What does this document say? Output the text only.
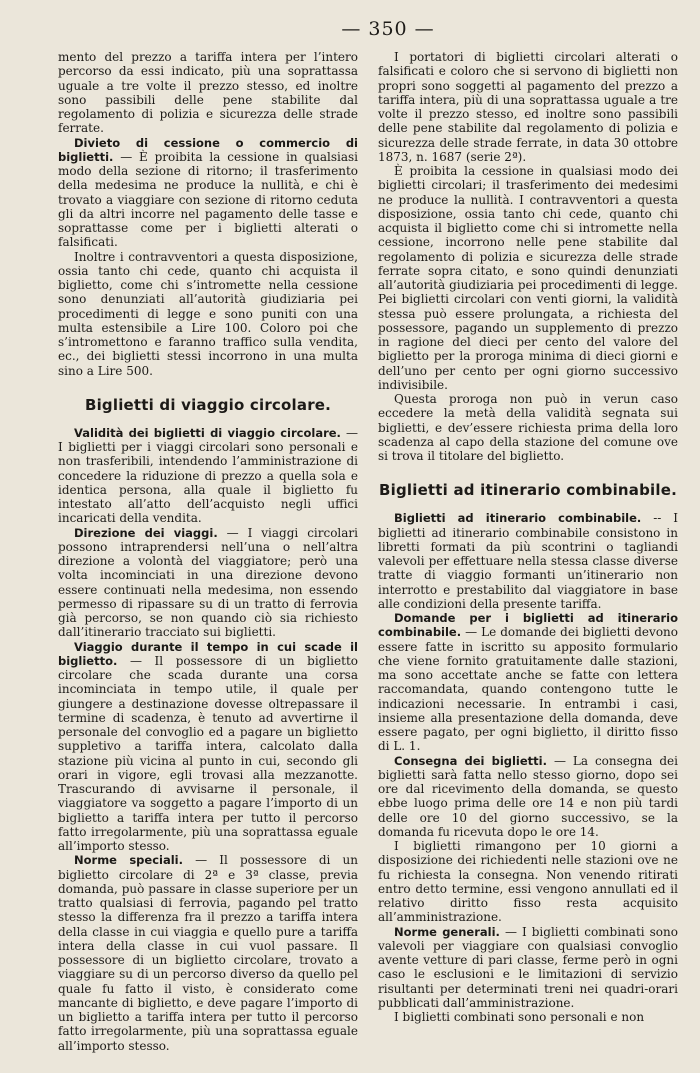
— 350 —

mento del prezzo a tariffa intera per l’intero percorso da essi indicato, più una soprattassa uguale a tre volte il prezzo stesso, ed inoltre sono passibili delle pene stabilite dal regolamento di polizia e sicurezza delle strade ferrate.

Divieto di cessione o commercio di biglietti. — È proibita la cessione in qualsiasi modo della sezione di ritorno; il trasferimento della medesima ne produce la nullità, e chi è trovato a viaggiare con sezione di ritorno ceduta gli da altri incorre nel pagamento delle tasse e soprattasse come per i biglietti alterati o falsificati.

Inoltre i contravventori a questa disposizione, ossia tanto chi cede, quanto chi acquista il biglietto, come chi s’intromette nella cessione sono denunziati all’autorità giudiziaria pei procedimenti di legge e sono puniti con una multa estensibile a Lire 100. Coloro poi che s’intromettono e faranno traffico sulla vendita, ec., dei biglietti stessi incorrono in una multa sino a Lire 500.

Biglietti di viaggio circolare.

Validità dei biglietti di viaggio circolare. — I biglietti per i viaggi circolari sono personali e non trasferibili, intendendo l’amministrazione di concedere la riduzione di prezzo a quella sola e identica persona, alla quale il biglietto fu intestato all’atto dell’acquisto negli uffici incaricati della vendita.

Direzione dei viaggi. — I viaggi circolari possono intraprendersi nell’una o nell’altra direzione a volontà del viaggiatore; però una volta incominciati in una direzione devono essere continuati nella medesima, non essendo permesso di ripassare su di un tratto di ferrovia già percorso, se non quando ciò sia richiesto dall’itinerario tracciato sui biglietti.

Viaggio durante il tempo in cui scade il biglietto. — Il possessore di un biglietto circolare che scada durante una corsa incominciata in tempo utile, il quale per giungere a destinazione dovesse oltrepassare il termine di scadenza, è tenuto ad avvertirne il personale del convoglio ed a pagare un biglietto suppletivo a tariffa intera, calcolato dalla stazione più vicina al punto in cui, secondo gli orari in vigore, egli trovasi alla mezzanotte. Trascurando di avvisarne il personale, il viaggiatore va soggetto a pagare l’importo di un biglietto a tariffa intera per tutto il percorso fatto irregolarmente, più una soprattassa eguale all’importo stesso.

Norme speciali. — Il possessore di un biglietto circolare di 2ª e 3ª classe, previa domanda, può passare in classe superiore per un tratto qualsiasi di ferrovia, pagando pel tratto stesso la differenza fra il prezzo a tariffa intera della classe in cui viaggia e quello pure a tariffa intera della classe in cui vuol passare. Il possessore di un biglietto circolare, trovato a viaggiare su di un percorso diverso da quello pel quale fu fatto il visto, è considerato come mancante di biglietto, e deve pagare l’importo di un biglietto a tariffa intera per tutto il percorso fatto irregolarmente, più una soprattassa eguale all’importo stesso.

I portatori di biglietti circolari alterati o falsificati e coloro che si servono di biglietti non propri sono soggetti al pagamento del prezzo a tariffa intera, più di una soprattassa uguale a tre volte il prezzo stesso, ed inoltre sono passibili delle pene stabilite dal regolamento di polizia e sicurezza delle strade ferrate, in data 30 ottobre 1873, n. 1687 (serie 2ª).

È proibita la cessione in qualsiasi modo dei biglietti circolari; il trasferimento dei medesimi ne produce la nullità. I contravventori a questa disposizione, ossia tanto chi cede, quanto chi acquista il biglietto come chi si intromette nella cessione, incorrono nelle pene stabilite dal regolamento di polizia e sicurezza delle strade ferrate sopra citato, e sono quindi denunziati all’autorità giudiziaria pei procedimenti di legge. Pei biglietti circolari con venti giorni, la validità stessa può essere prolungata, a richiesta del possessore, pagando un supplemento di prezzo in ragione del dieci per cento del valore del biglietto per la proroga minima di dieci giorni e dell’uno per cento per ogni giorno successivo indivisibile.

Questa proroga non può in verun caso eccedere la metà della validità segnata sui biglietti, e dev’essere richiesta prima della loro scadenza al capo della stazione del comune ove si trova il titolare del biglietto.

Biglietti ad itinerario combinabile.

Biglietti ad itinerario combinabile. -- I biglietti ad itinerario combinabile consistono in libretti formati da più scontrini o tagliandi valevoli per effettuare nella stessa classe diverse tratte di viaggio formanti un’itinerario non interrotto e prestabilito dal viaggiatore in base alle condizioni della presente tariffa.

Domande per i biglietti ad itinerario combinabile. — Le domande dei biglietti devono essere fatte in iscritto su apposito formulario che viene fornito gratuitamente dalle stazioni, ma sono accettate anche se fatte con lettera raccomandata, quando contengono tutte le indicazioni necessarie. In entrambi i casi, insieme alla presentazione della domanda, deve essere pagato, per ogni biglietto, il diritto fisso di L. 1.

Consegna dei biglietti. — La consegna dei biglietti sarà fatta nello stesso giorno, dopo sei ore dal ricevimento della domanda, se questo ebbe luogo prima delle ore 14 e non più tardi delle ore 10 del giorno successivo, se la domanda fu ricevuta dopo le ore 14.

I biglietti rimangono per 10 giorni a disposizione dei richiedenti nelle stazioni ove ne fu richiesta la consegna. Non venendo ritirati entro detto termine, essi vengono annullati ed il relativo diritto fisso resta acquisito all’amministrazione.

Norme generali. — I biglietti combinati sono valevoli per viaggiare con qualsiasi convoglio avente vetture di pari classe, ferme però in ogni caso le esclusioni e le limitazioni di servizio risultanti per determinati treni nei quadri-orari pubblicati dall’amministrazione.

I biglietti combinati sono personali e non
